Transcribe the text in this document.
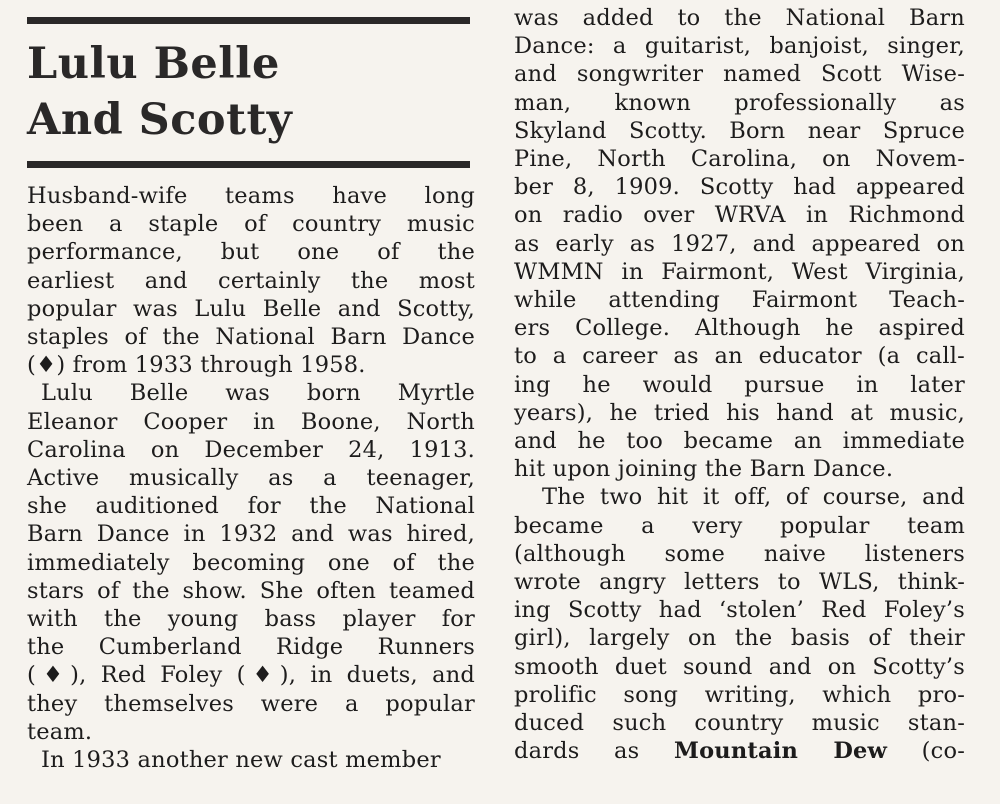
Lulu Belle
And Scotty
Husband-wife teams have long
been a staple of country music
performance, but one of the
earliest and certainly the most
popular was Lulu Belle and Scotty,
staples of the National Barn Dance
(♦) from 1933 through 1958.
Lulu Belle was born Myrtle
Eleanor Cooper in Boone, North
Carolina on December 24, 1913.
Active musically as a teenager,
she auditioned for the National
Barn Dance in 1932 and was hired,
immediately becoming one of the
stars of the show. She often teamed
with the young bass player for
the Cumberland Ridge Runners
(♦), Red Foley (♦), in duets, and
they themselves were a popular
team.
In 1933 another new cast member
was added to the National Barn
Dance: a guitarist, banjoist, singer,
and songwriter named Scott Wise-
man, known professionally as
Skyland Scotty. Born near Spruce
Pine, North Carolina, on Novem-
ber 8, 1909. Scotty had appeared
on radio over WRVA in Richmond
as early as 1927, and appeared on
WMMN in Fairmont, West Virginia,
while attending Fairmont Teach-
ers College. Although he aspired
to a career as an educator (a call-
ing he would pursue in later
years), he tried his hand at music,
and he too became an immediate
hit upon joining the Barn Dance.
The two hit it off, of course, and
became a very popular team
(although some naive listeners
wrote angry letters to WLS, think-
ing Scotty had ‘stolen’ Red Foley’s
girl), largely on the basis of their
smooth duet sound and on Scotty’s
prolific song writing, which pro-
duced such country music stan-
dards as Mountain Dew (co-
